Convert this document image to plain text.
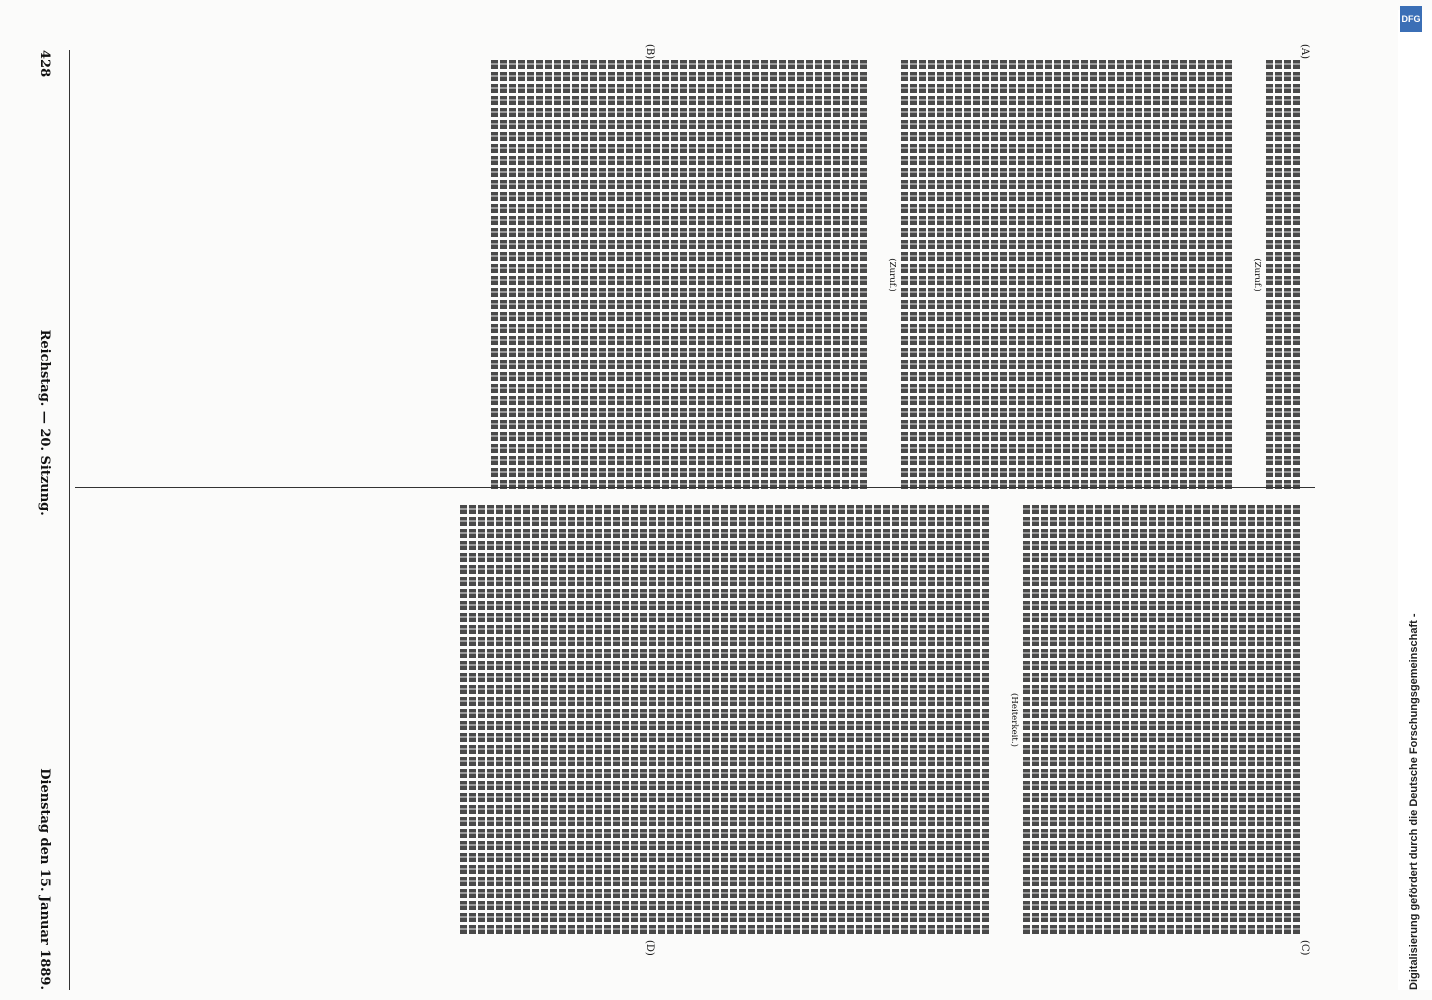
428
Reichstag. — 20. Sitzung.
Dienstag den 15. Januar 1889.
(A)
(B)
(C)
(D)

(Zuruf.)

(Zuruf.)

(Heiterkeit.)

DFG
Digitalisierung gefördert durch die Deutsche Forschungsgemeinschaft -
